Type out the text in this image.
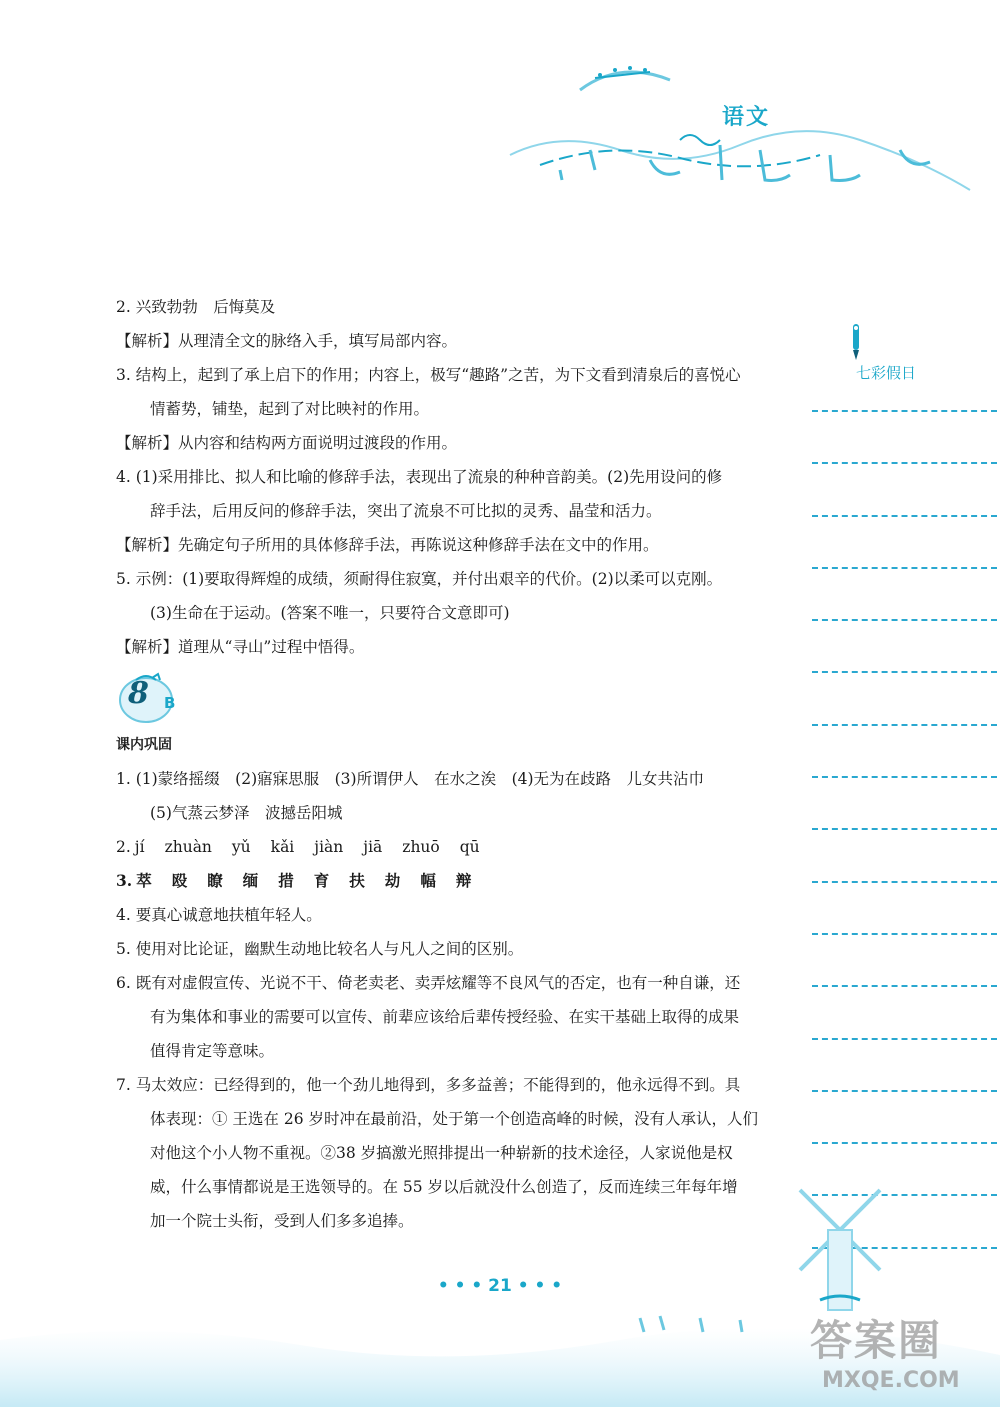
语文
七彩假日
2. 兴致勃勃　后悔莫及
【解析】从理清全文的脉络入手，填写局部内容。
3. 结构上，起到了承上启下的作用；内容上，极写“趣路”之苦，为下文看到清泉后的喜悦心
情蓄势，铺垫，起到了对比映衬的作用。
【解析】从内容和结构两方面说明过渡段的作用。
4. (1)采用排比、拟人和比喻的修辞手法，表现出了流泉的种种音韵美。(2)先用设问的修
辞手法，后用反问的修辞手法，突出了流泉不可比拟的灵秀、晶莹和活力。
【解析】先确定句子所用的具体修辞手法，再陈说这种修辞手法在文中的作用。
5. 示例：(1)要取得辉煌的成绩，须耐得住寂寞，并付出艰辛的代价。(2)以柔可以克刚。
(3)生命在于运动。(答案不唯一，只要符合文意即可)
【解析】道理从“寻山”过程中悟得。
8 B
课内巩固
1. (1)蒙络摇缀　(2)寤寐思服　(3)所谓伊人　在水之涘　(4)无为在歧路　儿女共沾巾
(5)气蒸云梦泽　波撼岳阳城
2. jí zhuàn yǔ kǎi jiàn jiā zhuō qū
3. 萃 殴 瞭 缅 措 育 扶 劫 幅 辩
4. 要真心诚意地扶植年轻人。
5. 使用对比论证，幽默生动地比较名人与凡人之间的区别。
6. 既有对虚假宣传、光说不干、倚老卖老、卖弄炫耀等不良风气的否定，也有一种自谦，还
有为集体和事业的需要可以宣传、前辈应该给后辈传授经验、在实干基础上取得的成果
值得肯定等意味。
7. 马太效应：已经得到的，他一个劲儿地得到，多多益善；不能得到的，他永远得不到。具
体表现：① 王选在 26 岁时冲在最前沿，处于第一个创造高峰的时候，没有人承认，人们
对他这个小人物不重视。②38 岁搞激光照排提出一种崭新的技术途径，人家说他是权
威，什么事情都说是王选领导的。在 55 岁以后就没什么创造了，反而连续三年每年增
加一个院士头衔，受到人们多多追捧。
• • • 21 • • •
答案圈
MXQE.COM
